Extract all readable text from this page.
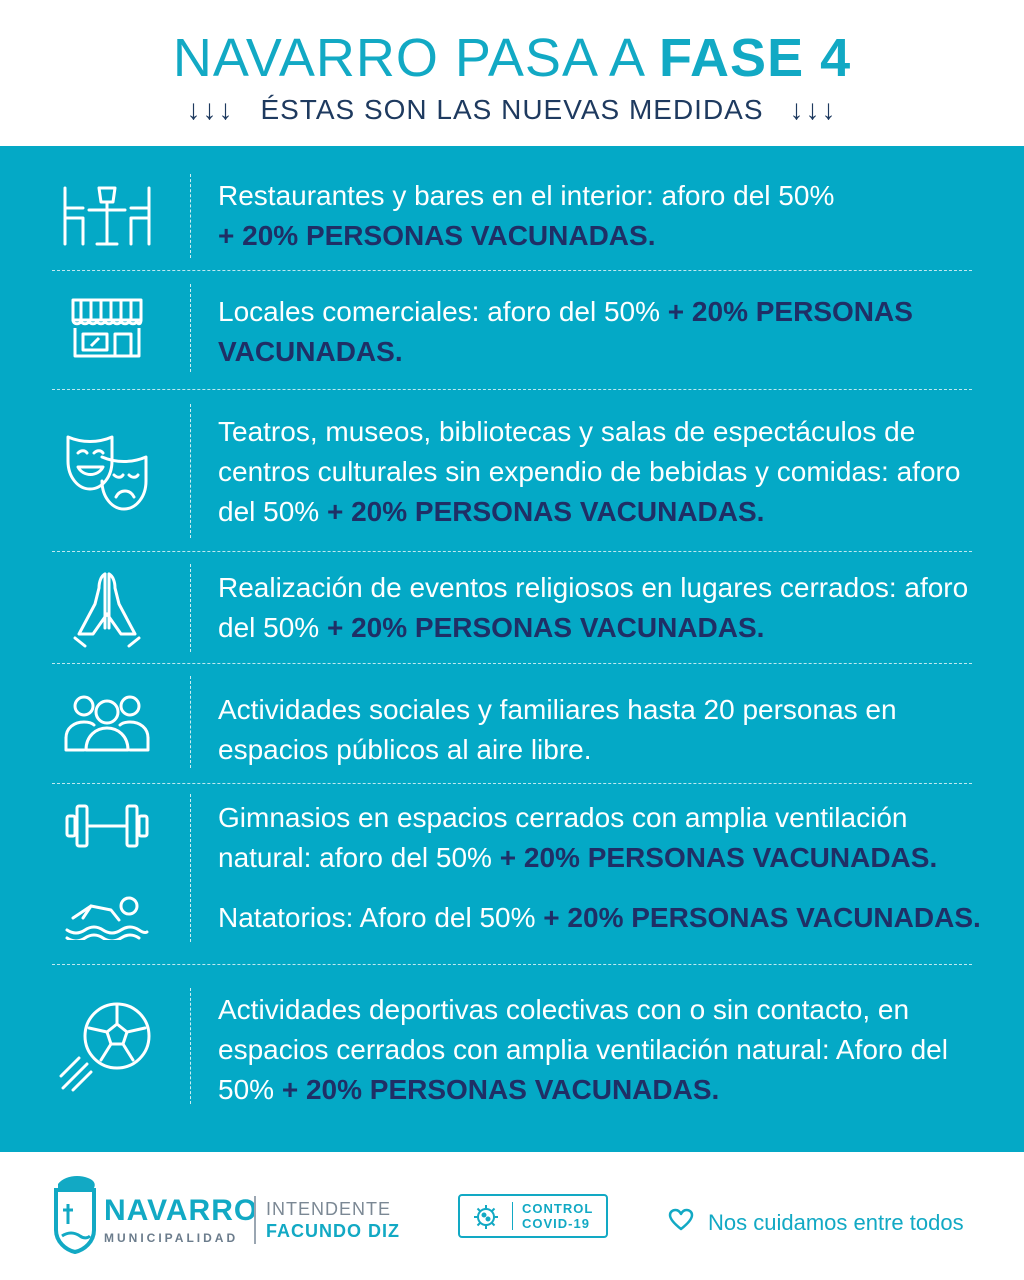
NAVARRO PASA A FASE 4
↓↓↓ ÉSTAS SON LAS NUEVAS MEDIDAS ↓↓↓
Restaurantes y bares en el interior: aforo del 50%
+ 20% PERSONAS VACUNADAS.
Locales comerciales: aforo del 50% + 20% PERSONAS VACUNADAS.
Teatros, museos, bibliotecas y salas de espectáculos de centros culturales sin expendio de bebidas y comidas: aforo del 50% + 20% PERSONAS VACUNADAS.
Realización de eventos religiosos en lugares cerrados: aforo del 50% + 20% PERSONAS VACUNADAS.
Actividades sociales y familiares hasta 20 personas en espacios públicos al aire libre.
Gimnasios en espacios cerrados con amplia ventilación natural: aforo del 50% + 20% PERSONAS VACUNADAS.
Natatorios: Aforo del 50% + 20% PERSONAS VACUNADAS.
Actividades deportivas colectivas con o sin contacto, en espacios cerrados con amplia ventilación natural: Aforo del 50% + 20% PERSONAS VACUNADAS.
NAVARRO
MUNICIPALIDAD
INTENDENTE
FACUNDO DIZ
CONTROL
COVID-19	Nos cuidamos entre todos
